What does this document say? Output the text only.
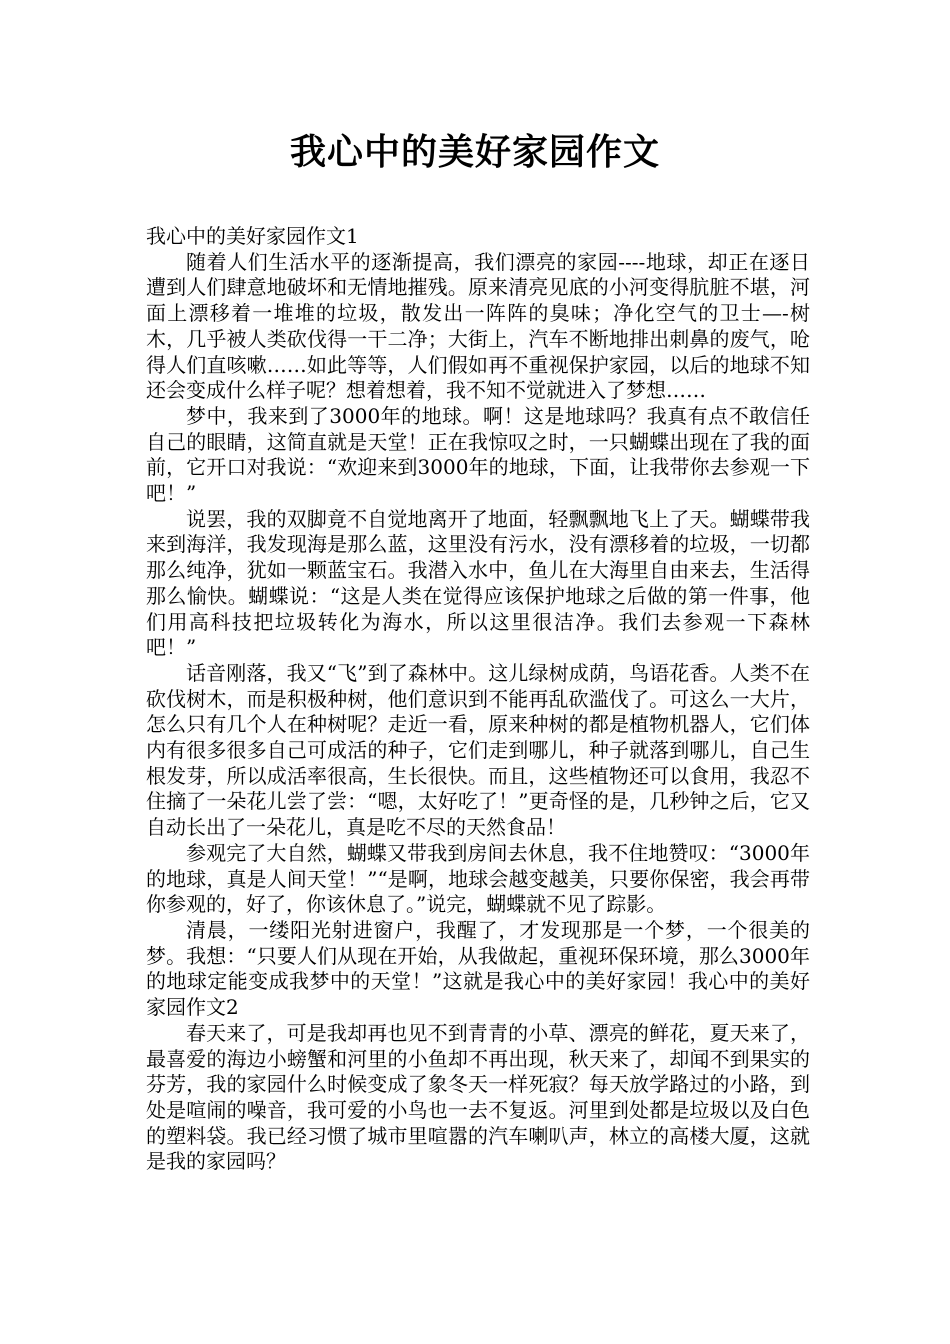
我心中的美好家园作文

我心中的美好家园作文1

随着人们生活水平的逐渐提高，我们漂亮的家园----地球，却正在逐日遭到人们肆意地破坏和无情地摧残。原来清亮见底的小河变得肮脏不堪，河面上漂移着一堆堆的垃圾，散发出一阵阵的臭味；净化空气的卫士—-树木，几乎被人类砍伐得一干二净；大街上，汽车不断地排出刺鼻的废气，呛得人们直咳嗽……如此等等，人们假如再不重视保护家园，以后的地球不知还会变成什么样子呢？想着想着，我不知不觉就进入了梦想……

梦中，我来到了3000年的地球。啊！这是地球吗？我真有点不敢信任自己的眼睛，这简直就是天堂！正在我惊叹之时，一只蝴蝶出现在了我的面前，它开口对我说：“欢迎来到3000年的地球，下面，让我带你去参观一下吧！”

说罢，我的双脚竟不自觉地离开了地面，轻飘飘地飞上了天。蝴蝶带我来到海洋，我发现海是那么蓝，这里没有污水，没有漂移着的垃圾，一切都那么纯净，犹如一颗蓝宝石。我潜入水中，鱼儿在大海里自由来去，生活得那么愉快。蝴蝶说：“这是人类在觉得应该保护地球之后做的第一件事，他们用高科技把垃圾转化为海水，所以这里很洁净。我们去参观一下森林吧！”

话音刚落，我又“飞”到了森林中。这儿绿树成荫，鸟语花香。人类不在砍伐树木，而是积极种树，他们意识到不能再乱砍滥伐了。可这么一大片，怎么只有几个人在种树呢？走近一看，原来种树的都是植物机器人，它们体内有很多很多自己可成活的种子，它们走到哪儿，种子就落到哪儿，自己生根发芽，所以成活率很高，生长很快。而且，这些植物还可以食用，我忍不住摘了一朵花儿尝了尝：“嗯，太好吃了！”更奇怪的是，几秒钟之后，它又自动长出了一朵花儿，真是吃不尽的天然食品！

参观完了大自然，蝴蝶又带我到房间去休息，我不住地赞叹：“3000年的地球，真是人间天堂！”“是啊，地球会越变越美，只要你保密，我会再带你参观的，好了，你该休息了。”说完，蝴蝶就不见了踪影。

清晨，一缕阳光射进窗户，我醒了，才发现那是一个梦，一个很美的梦。我想：“只要人们从现在开始，从我做起，重视环保环境，那么3000年的地球定能变成我梦中的天堂！”这就是我心中的美好家园！我心中的美好家园作文2

春天来了，可是我却再也见不到青青的小草、漂亮的鲜花，夏天来了，最喜爱的海边小螃蟹和河里的小鱼却不再出现，秋天来了，却闻不到果实的芬芳，我的家园什么时候变成了象冬天一样死寂？每天放学路过的小路，到处是喧闹的噪音，我可爱的小鸟也一去不复返。河里到处都是垃圾以及白色的塑料袋。我已经习惯了城市里喧嚣的汽车喇叭声，林立的高楼大厦，这就是我的家园吗？
